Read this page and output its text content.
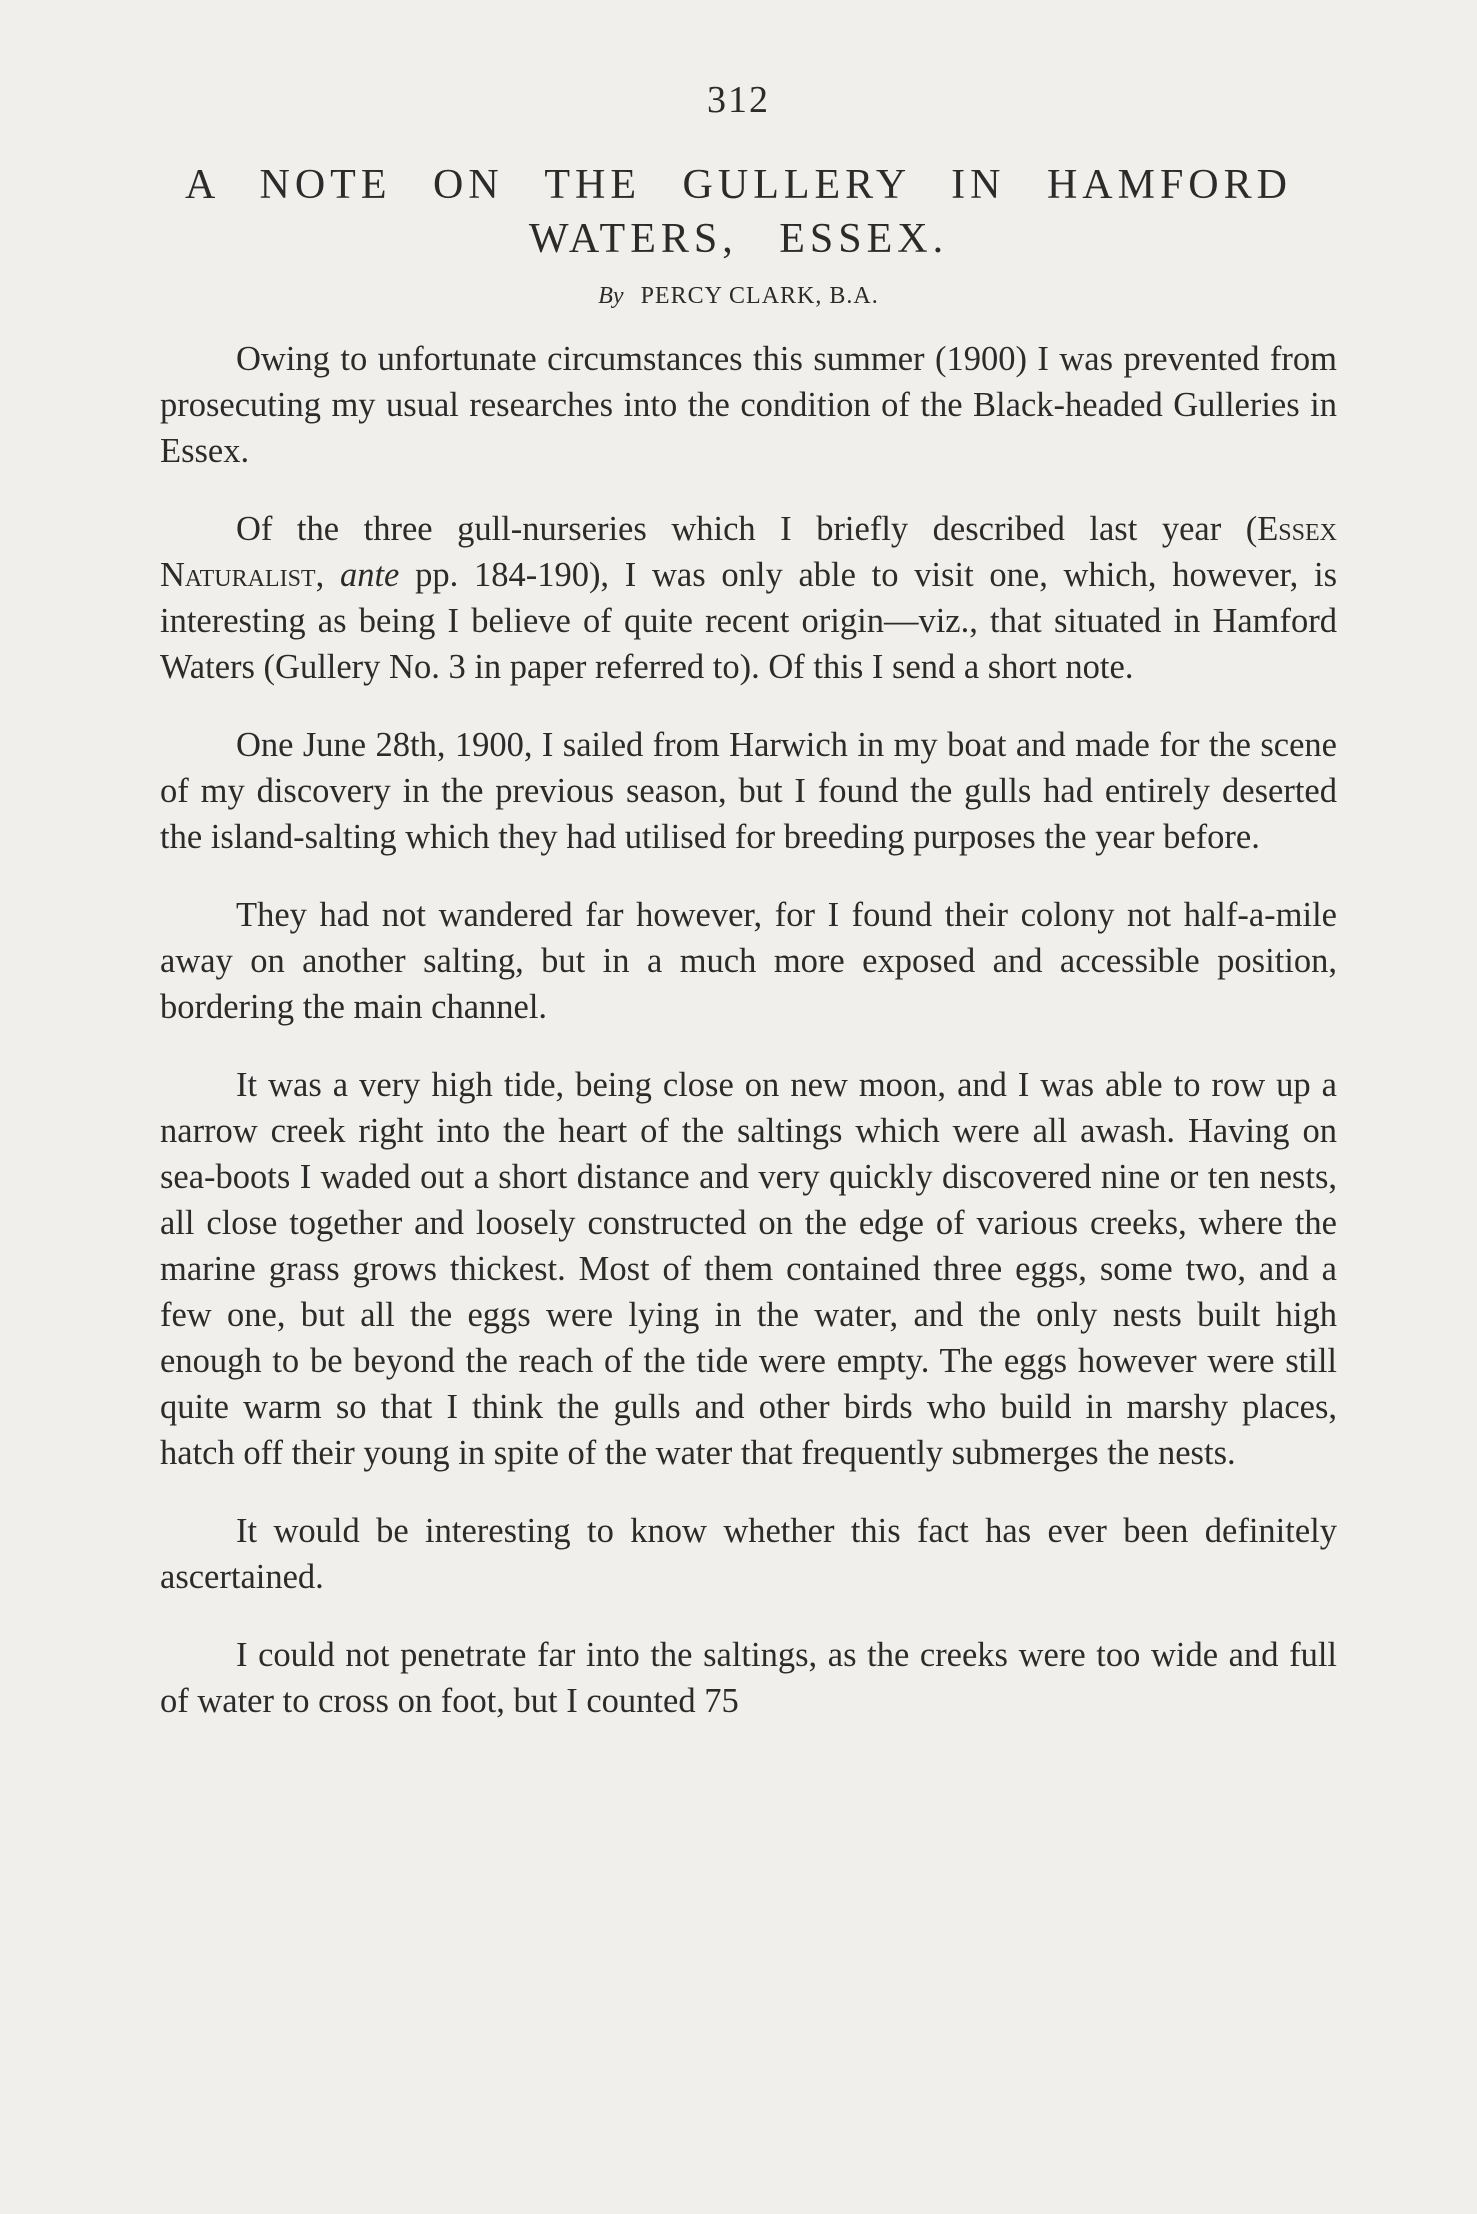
312
A NOTE ON THE GULLERY IN HAMFORD WATERS, ESSEX.
By PERCY CLARK, B.A.

Owing to unfortunate circumstances this summer (1900) I was prevented from prosecuting my usual researches into the condition of the Black-headed Gulleries in Essex.

Of the three gull-nurseries which I briefly described last year (Essex Naturalist, ante pp. 184-190), I was only able to visit one, which, however, is interesting as being I believe of quite recent origin—viz., that situated in Hamford Waters (Gullery No. 3 in paper referred to). Of this I send a short note.

One June 28th, 1900, I sailed from Harwich in my boat and made for the scene of my discovery in the previous season, but I found the gulls had entirely deserted the island-salting which they had utilised for breeding purposes the year before.

They had not wandered far however, for I found their colony not half-a-mile away on another salting, but in a much more exposed and accessible position, bordering the main channel.

It was a very high tide, being close on new moon, and I was able to row up a narrow creek right into the heart of the saltings which were all awash. Having on sea-boots I waded out a short distance and very quickly discovered nine or ten nests, all close together and loosely constructed on the edge of various creeks, where the marine grass grows thickest. Most of them contained three eggs, some two, and a few one, but all the eggs were lying in the water, and the only nests built high enough to be beyond the reach of the tide were empty. The eggs however were still quite warm so that I think the gulls and other birds who build in marshy places, hatch off their young in spite of the water that frequently submerges the nests.

It would be interesting to know whether this fact has ever been definitely ascertained.

I could not penetrate far into the saltings, as the creeks were too wide and full of water to cross on foot, but I counted 75
